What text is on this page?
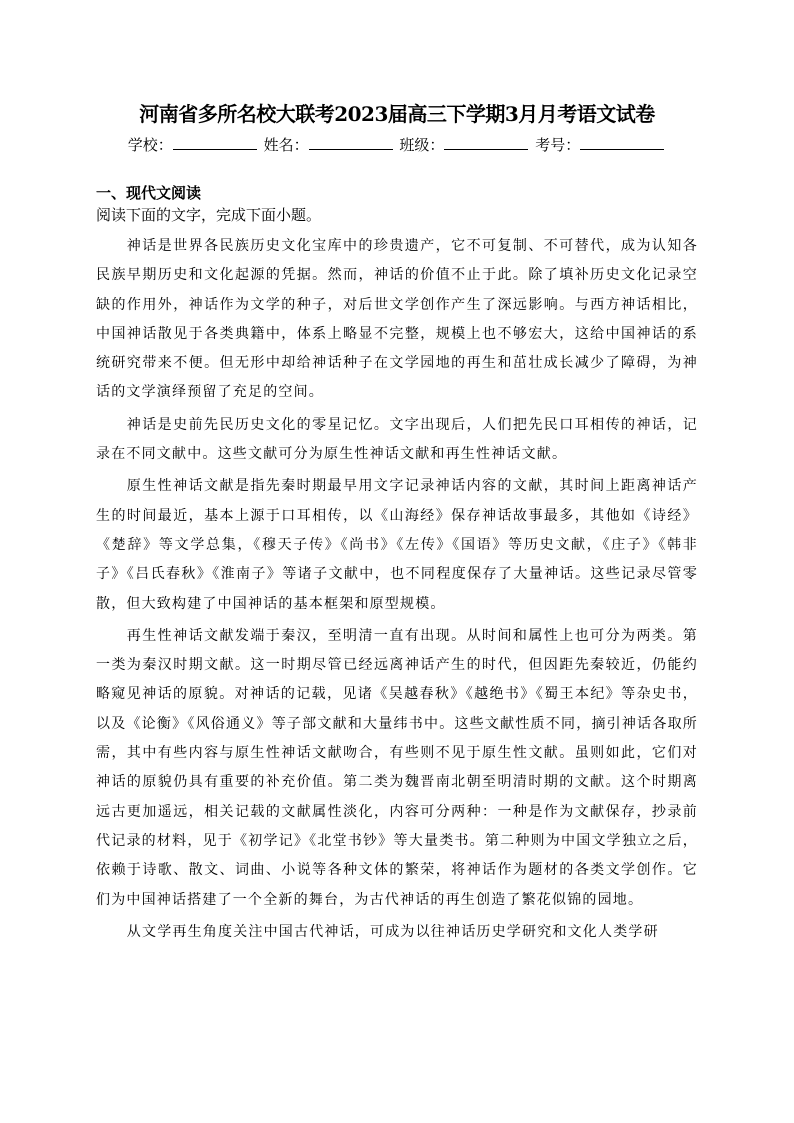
河南省多所名校大联考2023届高三下学期3月月考语文试卷
学校：	姓名：	班级：	考号：
一、现代文阅读
阅读下面的文字，完成下面小题。

神话是世界各民族历史文化宝库中的珍贵遗产，它不可复制、不可替代，成为认知各民族早期历史和文化起源的凭据。然而，神话的价值不止于此。除了填补历史文化记录空缺的作用外，神话作为文学的种子，对后世文学创作产生了深远影响。与西方神话相比，中国神话散见于各类典籍中，体系上略显不完整，规模上也不够宏大，这给中国神话的系统研究带来不便。但无形中却给神话种子在文学园地的再生和茁壮成长减少了障碍，为神话的文学演绎预留了充足的空间。

神话是史前先民历史文化的零星记忆。文字出现后，人们把先民口耳相传的神话，记录在不同文献中。这些文献可分为原生性神话文献和再生性神话文献。

原生性神话文献是指先秦时期最早用文字记录神话内容的文献，其时间上距离神话产生的时间最近，基本上源于口耳相传，以《山海经》保存神话故事最多，其他如《诗经》《楚辞》等文学总集，《穆天子传》《尚书》《左传》《国语》等历史文献，《庄子》《韩非子》《吕氏春秋》《淮南子》等诸子文献中，也不同程度保存了大量神话。这些记录尽管零散，但大致构建了中国神话的基本框架和原型规模。

再生性神话文献发端于秦汉，至明清一直有出现。从时间和属性上也可分为两类。第一类为秦汉时期文献。这一时期尽管已经远离神话产生的时代，但因距先秦较近，仍能约略窥见神话的原貌。对神话的记载，见诸《吴越春秋》《越绝书》《蜀王本纪》等杂史书，以及《论衡》《风俗通义》等子部文献和大量纬书中。这些文献性质不同，摘引神话各取所需，其中有些内容与原生性神话文献吻合，有些则不见于原生性文献。虽则如此，它们对神话的原貌仍具有重要的补充价值。第二类为魏晋南北朝至明清时期的文献。这个时期离远古更加遥远，相关记载的文献属性淡化，内容可分两种：一种是作为文献保存，抄录前代记录的材料，见于《初学记》《北堂书钞》等大量类书。第二种则为中国文学独立之后，依赖于诗歌、散文、词曲、小说等各种文体的繁荣，将神话作为题材的各类文学创作。它们为中国神话搭建了一个全新的舞台，为古代神话的再生创造了繁花似锦的园地。

从文学再生角度关注中国古代神话，可成为以往神话历史学研究和文化人类学研
